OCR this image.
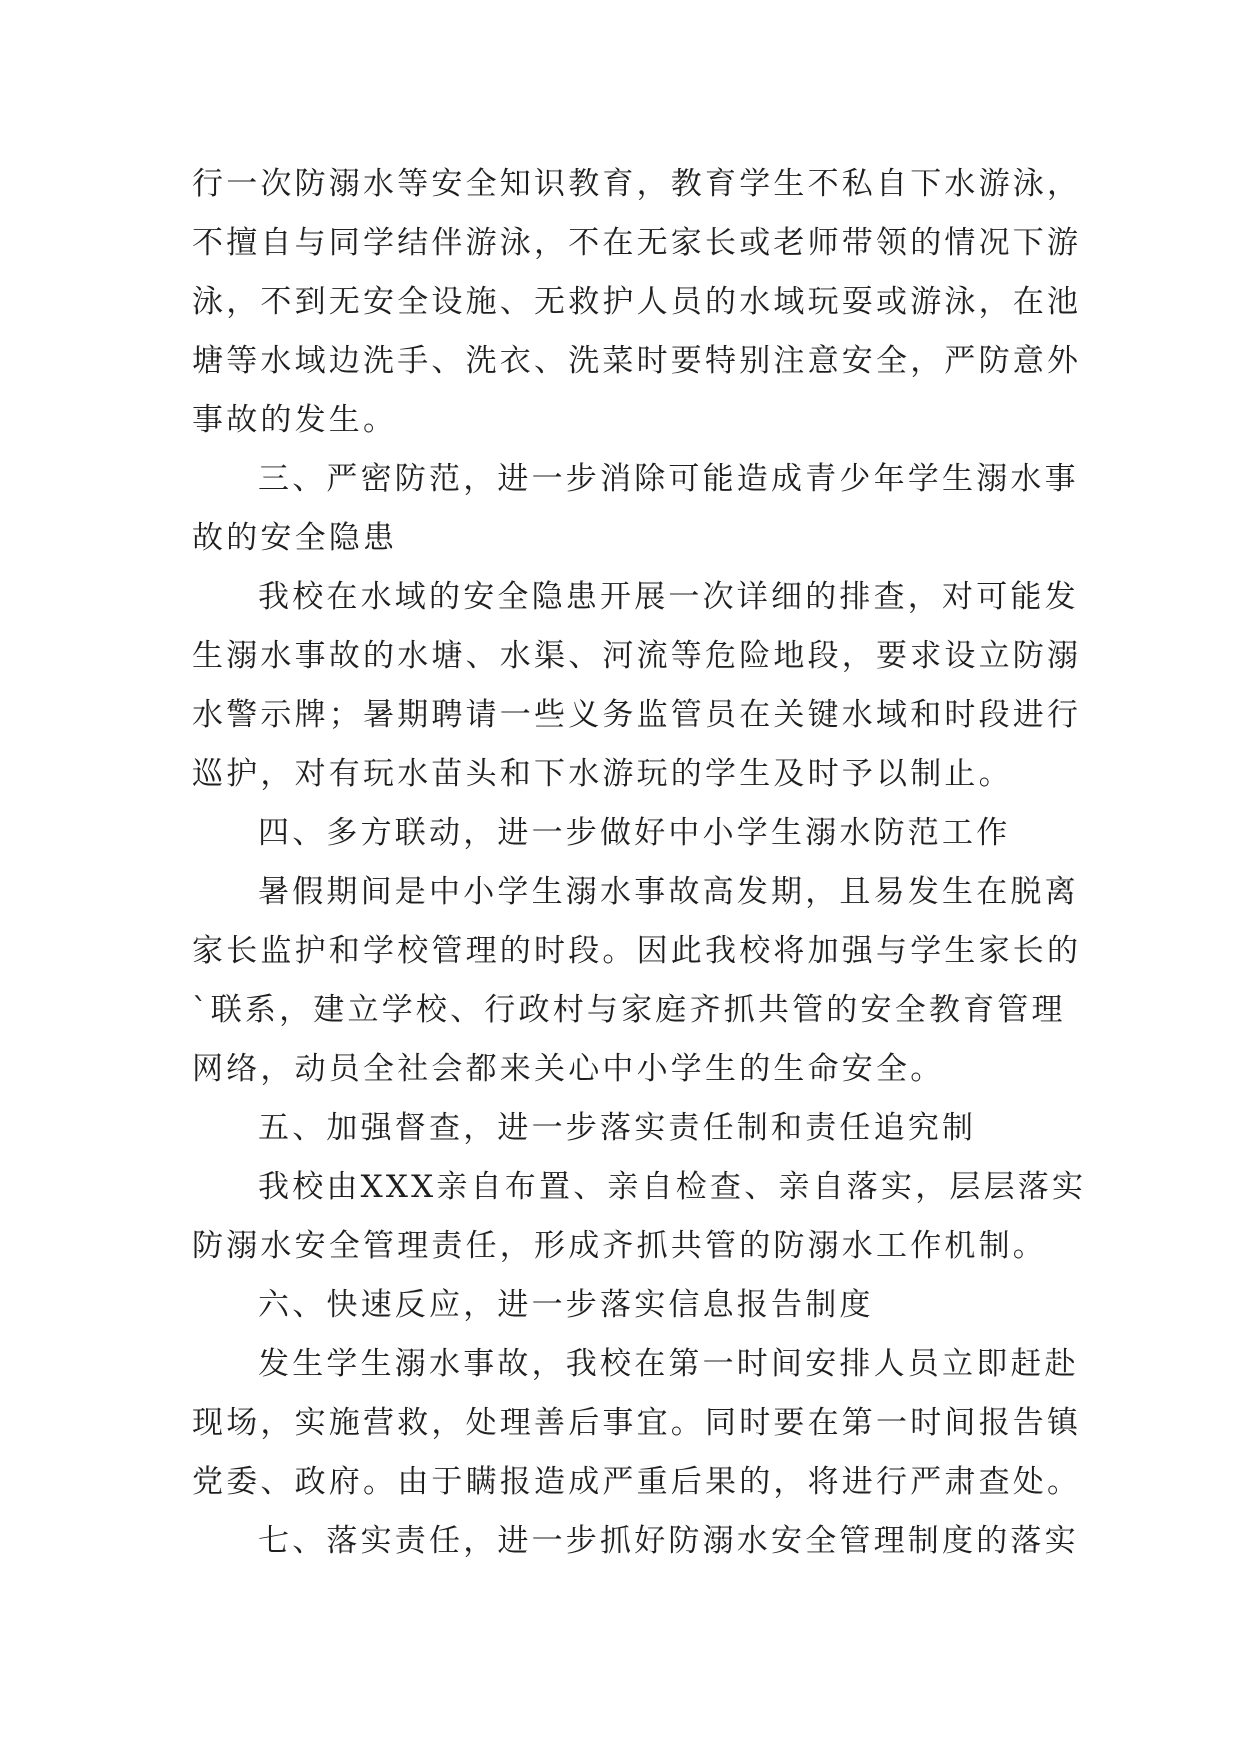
行一次防溺水等安全知识教育，教育学生不私自下水游泳，
不擅自与同学结伴游泳，不在无家长或老师带领的情况下游
泳，不到无安全设施、无救护人员的水域玩耍或游泳，在池
塘等水域边洗手、洗衣、洗菜时要特别注意安全，严防意外
事故的发生。
三、严密防范，进一步消除可能造成青少年学生溺水事
故的安全隐患
我校在水域的安全隐患开展一次详细的排查，对可能发
生溺水事故的水塘、水渠、河流等危险地段，要求设立防溺
水警示牌；暑期聘请一些义务监管员在关键水域和时段进行
巡护，对有玩水苗头和下水游玩的学生及时予以制止。
四、多方联动，进一步做好中小学生溺水防范工作
暑假期间是中小学生溺水事故高发期，且易发生在脱离
家长监护和学校管理的时段。因此我校将加强与学生家长的
`联系，建立学校、行政村与家庭齐抓共管的安全教育管理
网络，动员全社会都来关心中小学生的生命安全。
五、加强督查，进一步落实责任制和责任追究制
我校由XXX亲自布置、亲自检查、亲自落实，层层落实
防溺水安全管理责任，形成齐抓共管的防溺水工作机制。
六、快速反应，进一步落实信息报告制度
发生学生溺水事故，我校在第一时间安排人员立即赶赴
现场，实施营救，处理善后事宜。同时要在第一时间报告镇
党委、政府。由于瞒报造成严重后果的，将进行严肃查处。
七、落实责任，进一步抓好防溺水安全管理制度的落实
